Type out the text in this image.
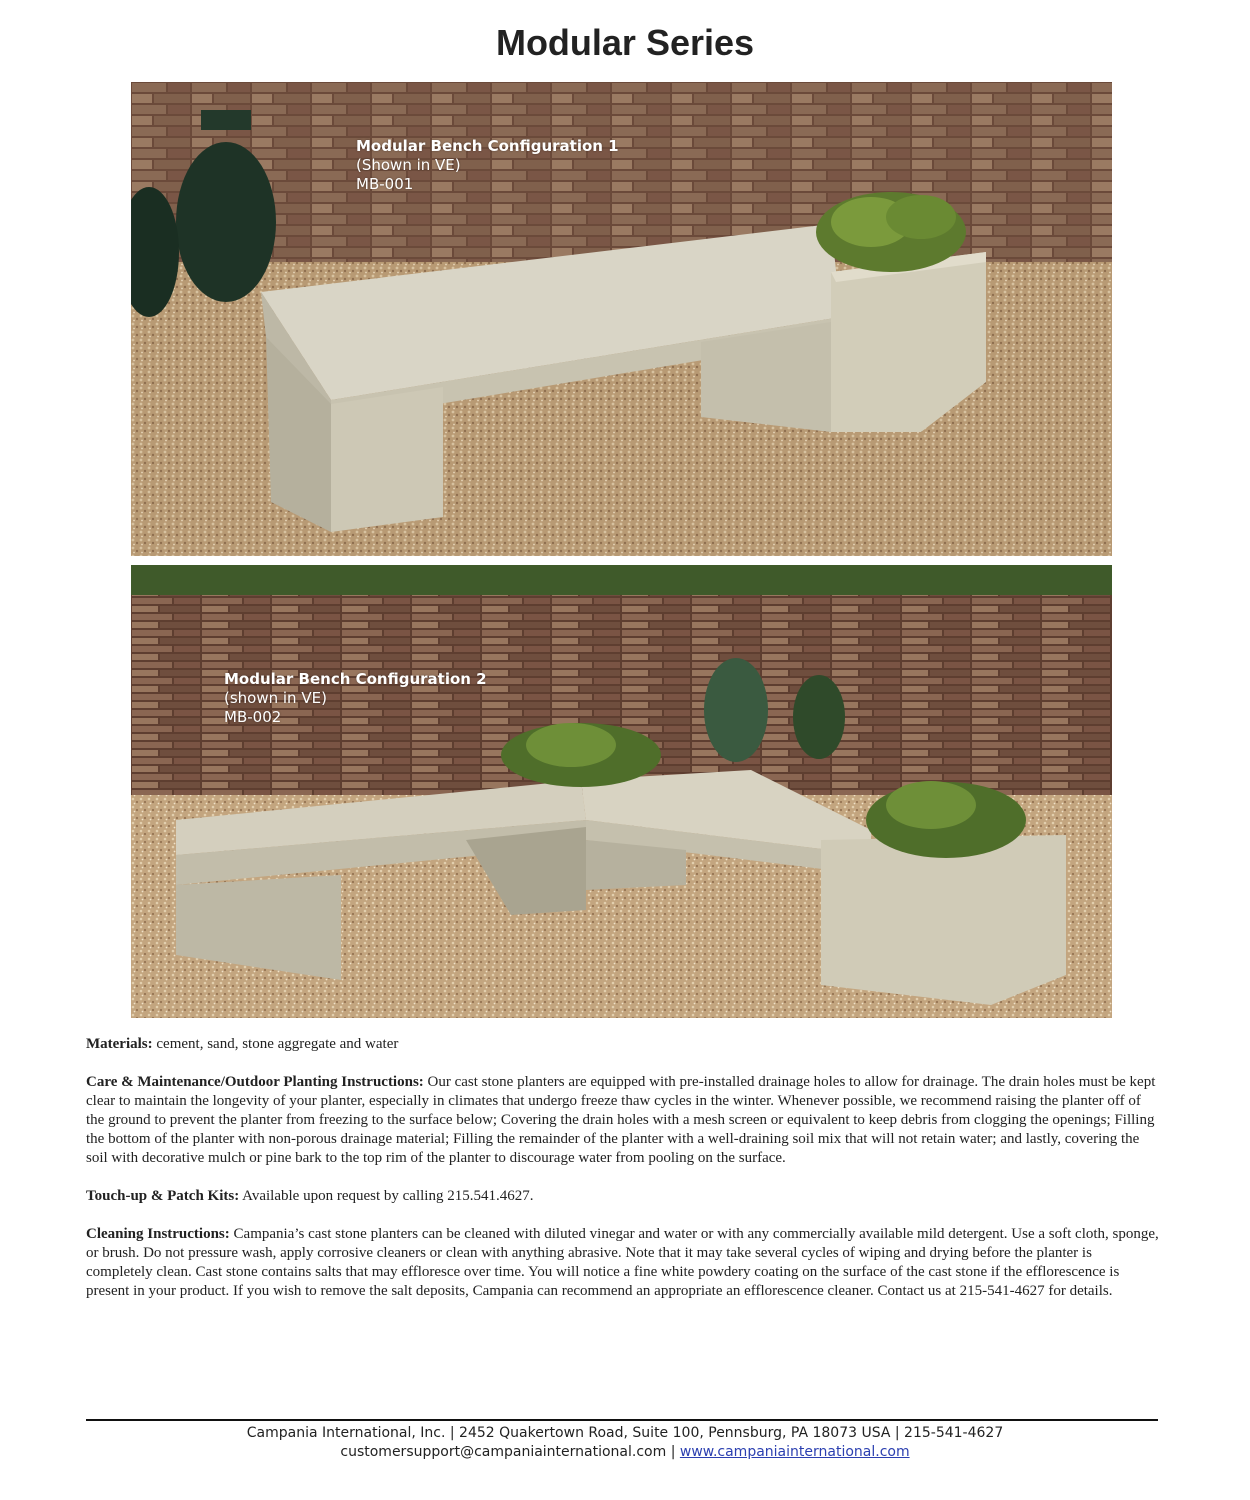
Modular Series
Modular Bench Configuration 1
(Shown in VE)
MB-001
Modular Bench Configuration 2
(shown in VE)
MB-002

Materials: cement, sand, stone aggregate and water

Care & Maintenance/Outdoor Planting Instructions: Our cast stone planters are equipped with pre-installed drainage holes to allow for drainage. The drain holes must be kept clear to maintain the longevity of your planter, especially in climates that undergo freeze thaw cycles in the winter. Whenever possible, we recommend raising the planter off of the ground to prevent the planter from freezing to the surface below; Covering the drain holes with a mesh screen or equivalent to keep debris from clogging the openings; Filling the bottom of the planter with non-porous drainage material; Filling the remainder of the planter with a well-draining soil mix that will not retain water; and lastly, covering the soil with decorative mulch or pine bark to the top rim of the planter to discourage water from pooling on the surface.

Touch-up & Patch Kits: Available upon request by calling 215.541.4627.

Cleaning Instructions: Campania’s cast stone planters can be cleaned with diluted vinegar and water or with any commercially available mild detergent. Use a soft cloth, sponge, or brush. Do not pressure wash, apply corrosive cleaners or clean with anything abrasive. Note that it may take several cycles of wiping and drying before the planter is completely clean. Cast stone contains salts that may effloresce over time. You will notice a fine white powdery coating on the surface of the cast stone if the efflorescence is present in your product. If you wish to remove the salt deposits, Campania can recommend an appropriate an efflorescence cleaner. Contact us at 215-541-4627 for details.

Campania International, Inc. | 2452 Quakertown Road, Suite 100, Pennsburg, PA 18073 USA | 215-541-4627
customersupport@campaniainternational.com | www.campaniainternational.com
